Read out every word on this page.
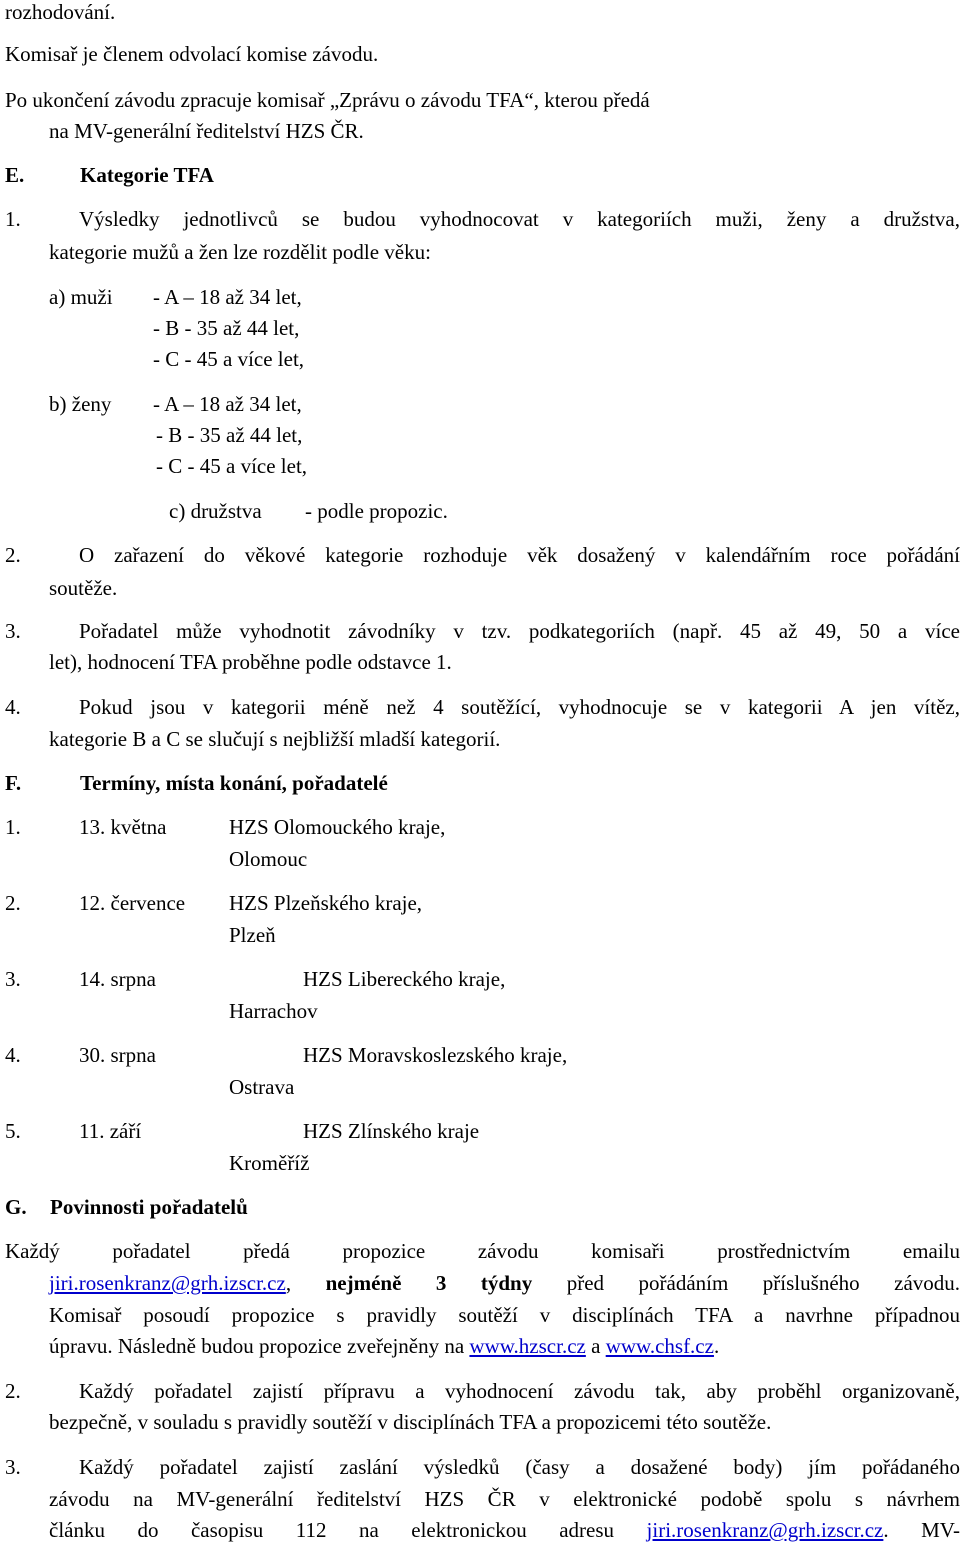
rozhodování.
Komisař je členem odvolací komise závodu.
Po ukončení závodu zpracuje komisař „Zprávu o závodu TFA“, kterou předá
na MV-generální ředitelství HZS ČR.
E.	Kategorie TFA
1.	Výsledky jednotlivců se budou vyhodnocovat v kategoriích muži, ženy a družstva,
kategorie mužů a žen lze rozdělit podle věku:
a) muži - A – 18 až 34 let,
- B - 35 až 44 let,
- C - 45 a více let,
b) ženy - A – 18 až 34 let,
- B - 35 až 44 let,
- C - 45 a více let,
c) družstva - podle propozic.
2.	O zařazení do věkové kategorie rozhoduje věk dosažený v kalendářním roce pořádání
soutěže.
3.	Pořadatel může vyhodnotit závodníky v tzv. podkategoriích (např. 45 až 49, 50 a více
let), hodnocení TFA proběhne podle odstavce 1.
4.	Pokud jsou v kategorii méně než 4 soutěžící, vyhodnocuje se v kategorii A jen vítěz,
kategorie B a C se slučují s nejbližší mladší kategorií.
F.	Termíny, místa konání, pořadatelé
1.	13. května	HZS Olomouckého kraje,
Olomouc
2.	12. července HZS Plzeňského kraje,
Plzeň
3.	14. srpna	HZS Libereckého kraje,
Harrachov
4.	30. srpna	HZS Moravskoslezského kraje,
Ostrava
5.	11. září	HZS Zlínského kraje
Kroměříž
G. Povinnosti pořadatelů
Každý pořadatel předá propozice závodu komisaři prostřednictvím emailu
jiri.rosenkranz@grh.izscr.cz, nejméně 3 týdny před pořádáním příslušného závodu.
Komisař posoudí propozice s pravidly soutěží v disciplínách TFA a navrhne případnou
úpravu. Následně budou propozice zveřejněny na www.hzscr.cz a www.chsf.cz.
2.	Každý pořadatel zajistí přípravu a vyhodnocení závodu tak, aby proběhl organizovaně,
bezpečně, v souladu s pravidly soutěží v disciplínách TFA a propozicemi této soutěže.
3.	Každý pořadatel zajistí zaslání výsledků (časy a dosažené body) jím pořádaného
závodu na MV-generální ředitelství HZS ČR v elektronické podobě spolu s návrhem
článku do časopisu 112 na elektronickou adresu jiri.rosenkranz@grh.izscr.cz. MV-
